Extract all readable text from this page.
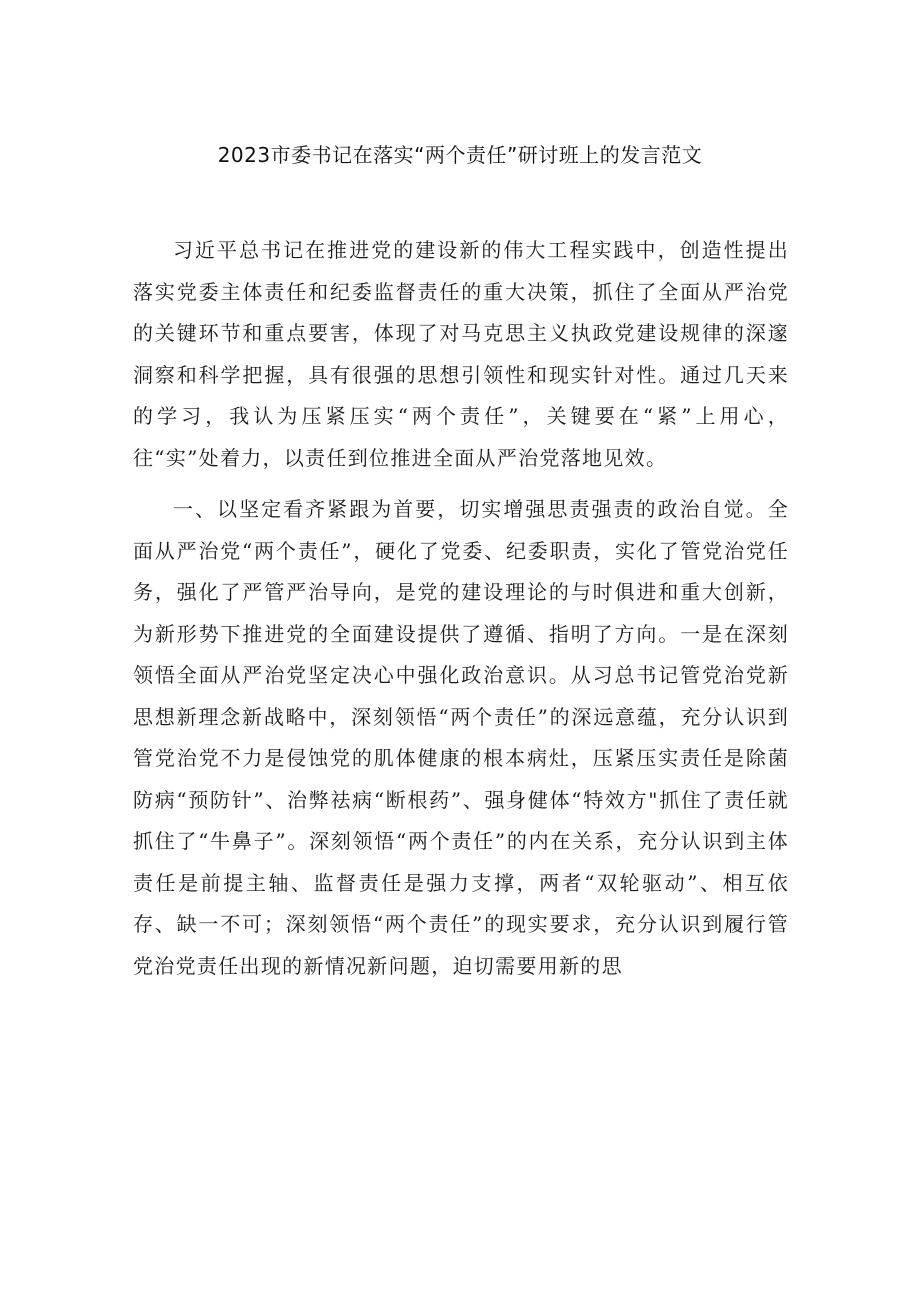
2023市委书记在落实“两个责任”研讨班上的发言范文

习近平总书记在推进党的建设新的伟大工程实践中，创造性提出落实党委主体责任和纪委监督责任的重大决策，抓住了全面从严治党的关键环节和重点要害，体现了对马克思主义执政党建设规律的深邃洞察和科学把握，具有很强的思想引领性和现实针对性。通过几天来的学习，我认为压紧压实“两个责任”，关键要在“紧”上用心，往“实”处着力，以责任到位推进全面从严治党落地见效。

一、以坚定看齐紧跟为首要，切实增强思责强责的政治自觉。全面从严治党“两个责任”，硬化了党委、纪委职责，实化了管党治党任务，强化了严管严治导向，是党的建设理论的与时俱进和重大创新，为新形势下推进党的全面建设提供了遵循、指明了方向。一是在深刻领悟全面从严治党坚定决心中强化政治意识。从习总书记管党治党新思想新理念新战略中，深刻领悟“两个责任”的深远意蕴，充分认识到管党治党不力是侵蚀党的肌体健康的根本病灶，压紧压实责任是除菌防病“预防针”、治弊祛病“断根药”、强身健体“特效方"抓住了责任就抓住了“牛鼻子”。深刻领悟“两个责任”的内在关系，充分认识到主体责任是前提主轴、监督责任是强力支撑，两者“双轮驱动”、相互依存、缺一不可；深刻领悟“两个责任”的现实要求，充分认识到履行管党治党责任出现的新情况新问题，迫切需要用新的思
